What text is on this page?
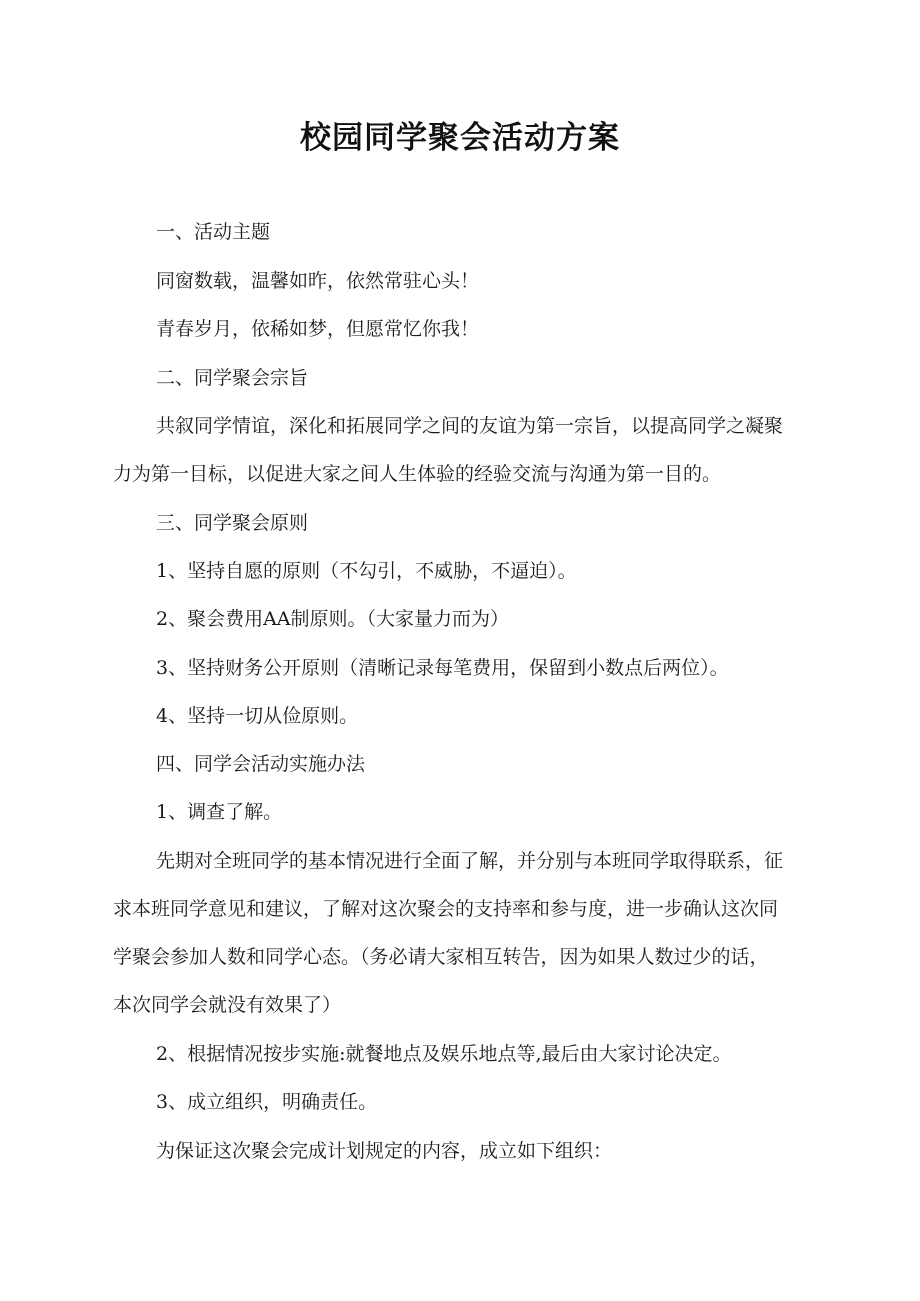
校园同学聚会活动方案

一、活动主题

同窗数载，温馨如昨，依然常驻心头！

青春岁月，依稀如梦，但愿常忆你我！

二、同学聚会宗旨

共叙同学情谊，深化和拓展同学之间的友谊为第一宗旨，以提高同学之凝聚
力为第一目标，以促进大家之间人生体验的经验交流与沟通为第一目的。

三、同学聚会原则

1、坚持自愿的原则（不勾引，不威胁，不逼迫）。

2、聚会费用AA制原则。（大家量力而为）

3、坚持财务公开原则（清晰记录每笔费用，保留到小数点后两位）。

4、坚持一切从俭原则。

四、同学会活动实施办法

1、调查了解。

先期对全班同学的基本情况进行全面了解，并分别与本班同学取得联系，征
求本班同学意见和建议，了解对这次聚会的支持率和参与度，进一步确认这次同
学聚会参加人数和同学心态。（务必请大家相互转告，因为如果人数过少的话，
本次同学会就没有效果了）

2、根据情况按步实施:就餐地点及娱乐地点等,最后由大家讨论决定。

3、成立组织，明确责任。

为保证这次聚会完成计划规定的内容，成立如下组织：
